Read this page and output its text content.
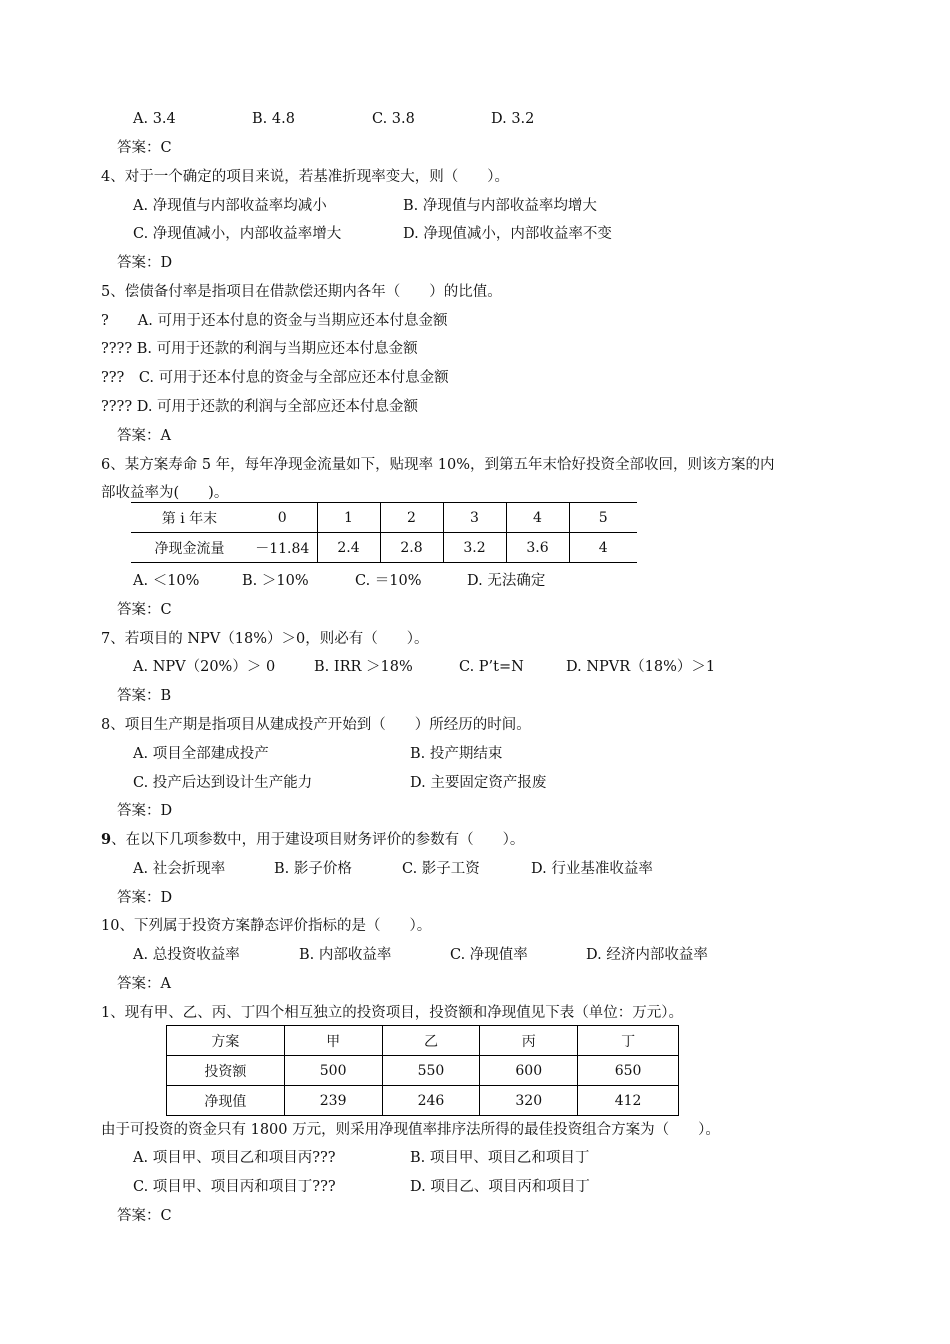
A. 3.4	B. 4.8	C. 3.8	D. 3.2
答案：C
4、对于一个确定的项目来说，若基准折现率变大，则（　　）。
A. 净现值与内部收益率均减小	B. 净现值与内部收益率均增大
C. 净现值减小，内部收益率增大	D. 净现值减小，内部收益率不变
答案：D
5、偿债备付率是指项目在借款偿还期内各年（　　）的比值。
?　　A. 可用于还本付息的资金与当期应还本付息金额
???? B. 可用于还款的利润与当期应还本付息金额
???　C. 可用于还本付息的资金与全部应还本付息金额
???? D. 可用于还款的利润与全部应还本付息金额
答案：A
6、某方案寿命 5 年，每年净现金流量如下，贴现率 10%，到第五年末恰好投资全部收回，则该方案的内
部收益率为(　　)。
第 i 年末	0	1	2	3	4	5
净现金流量	－11.84	2.4	2.8	3.2	3.6	4
A. ＜10%	B. ＞10%	C. ＝10%	D. 无法确定
答案：C
7、若项目的 NPV（18%）＞0，则必有（　　）。
A. NPV（20%）＞ 0	B. IRR ＞18%	C. P’t=N	D. NPVR（18%）＞1
答案：B
8、项目生产期是指项目从建成投产开始到（　　）所经历的时间。
A. 项目全部建成投产	B. 投产期结束
C. 投产后达到设计生产能力	D. 主要固定资产报废
答案：D
9、在以下几项参数中，用于建设项目财务评价的参数有（　　）。
A. 社会折现率	B. 影子价格	C. 影子工资	D. 行业基准收益率
答案：D
10、下列属于投资方案静态评价指标的是（　　）。
A. 总投资收益率	B. 内部收益率	C. 净现值率	D. 经济内部收益率
答案：A
1、现有甲、乙、丙、丁四个相互独立的投资项目，投资额和净现值见下表（单位：万元）。
方案	甲	乙	丙	丁
投资额	500	550	600	650
净现值	239	246	320	412
由于可投资的资金只有 1800 万元，则采用净现值率排序法所得的最佳投资组合方案为（　　）。
A. 项目甲、项目乙和项目丙???	B. 项目甲、项目乙和项目丁
C. 项目甲、项目丙和项目丁???	D. 项目乙、项目丙和项目丁
答案：C
